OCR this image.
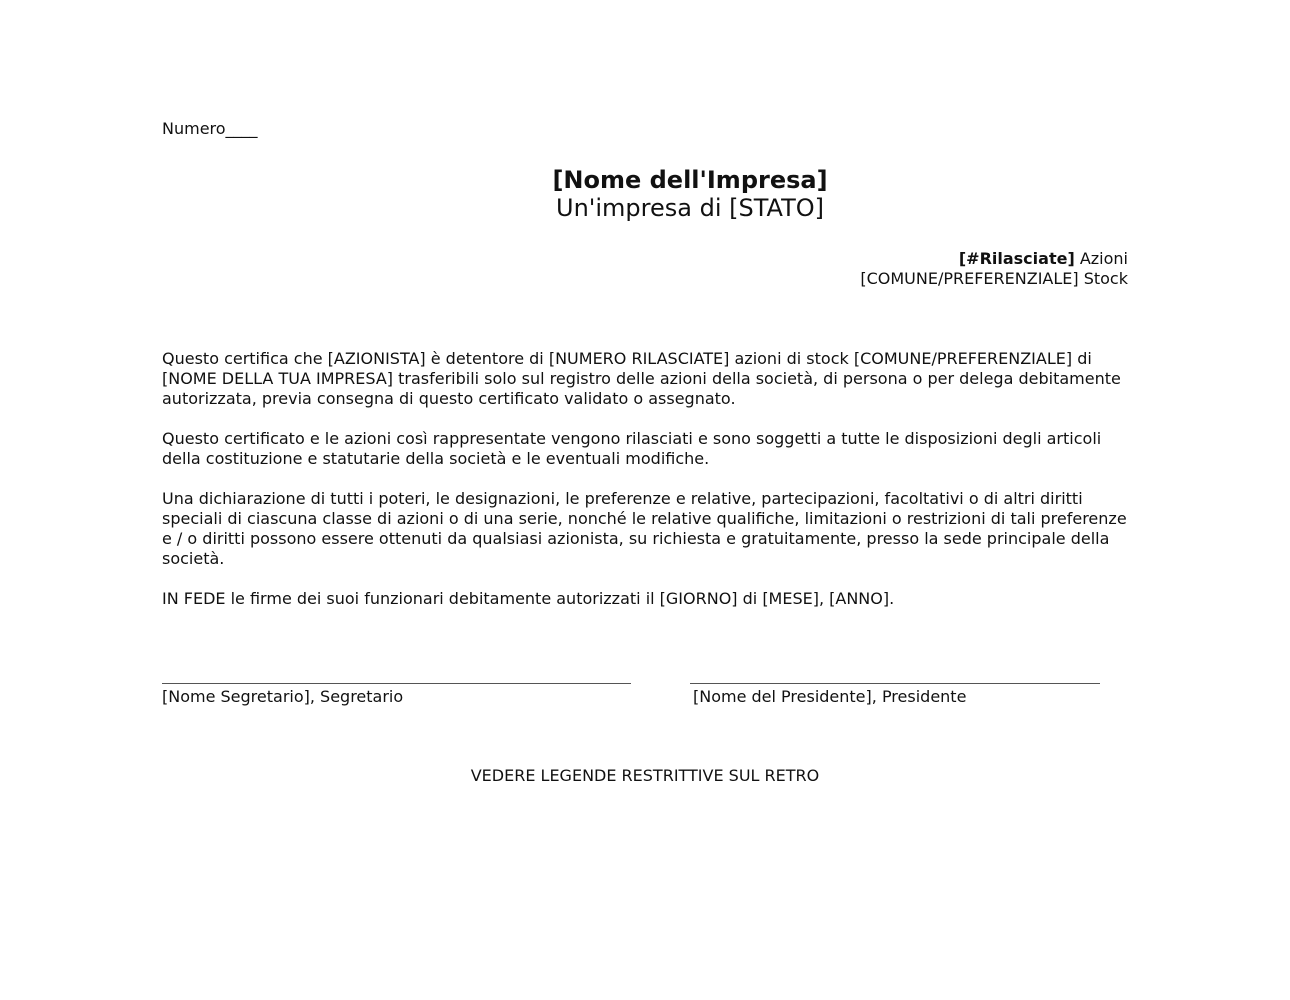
Numero____
[Nome dell'Impresa]
Un'impresa di [STATO]
[#Rilasciate] Azioni
[COMUNE/PREFERENZIALE] Stock

Questo certifica che [AZIONISTA] è detentore di [NUMERO RILASCIATE] azioni di stock [COMUNE/PREFERENZIALE] di [NOME DELLA TUA IMPRESA] trasferibili solo sul registro delle azioni della società, di persona o per delega debitamente autorizzata, previa consegna di questo certificato validato o assegnato.

Questo certificato e le azioni così rappresentate vengono rilasciati e sono soggetti a tutte le disposizioni degli articoli della costituzione e statutarie della società e le eventuali modifiche.

Una dichiarazione di tutti i poteri, le designazioni, le preferenze e relative, partecipazioni, facoltativi o di altri diritti speciali di ciascuna classe di azioni o di una serie, nonché le relative qualifiche, limitazioni o restrizioni di tali preferenze e / o diritti possono essere ottenuti da qualsiasi azionista, su richiesta e gratuitamente, presso la sede principale della società.

IN FEDE le firme dei suoi funzionari debitamente autorizzati il [GIORNO] di [MESE], [ANNO].

[Nome Segretario], Segretario	[Nome del Presidente], Presidente
VEDERE LEGENDE RESTRITTIVE SUL RETRO
